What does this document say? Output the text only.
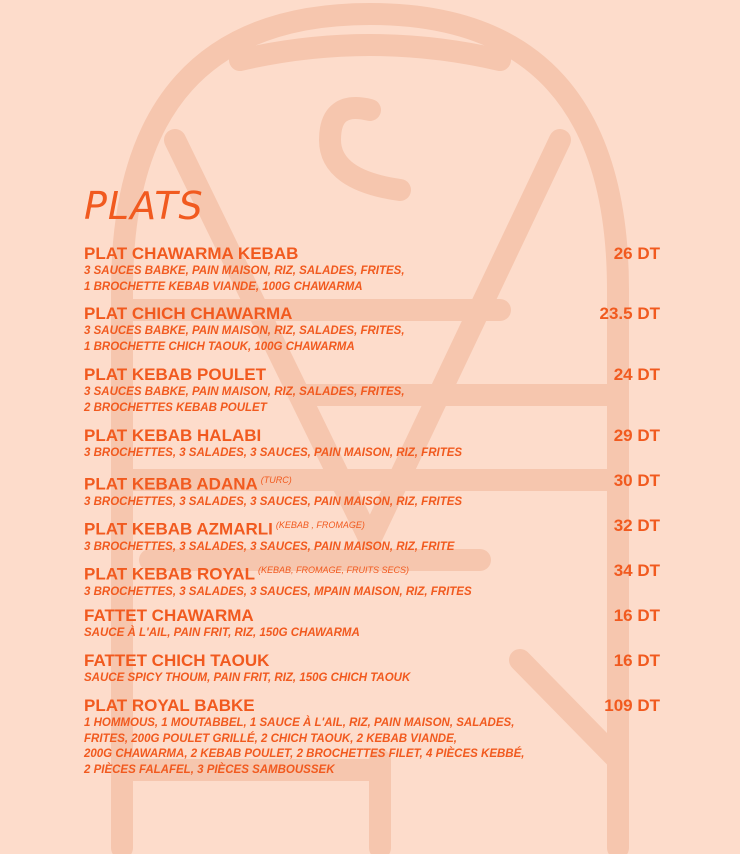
PLATS
PLAT CHAWARMA KEBAB	26 DT
3 SAUCES BABKE, PAIN MAISON, RIZ, SALADES, FRITES,
1 BROCHETTE KEBAB VIANDE, 100G CHAWARMA
PLAT CHICH CHAWARMA	23.5 DT
3 SAUCES BABKE, PAIN MAISON, RIZ, SALADES, FRITES,
1 BROCHETTE CHICH TAOUK, 100G CHAWARMA
PLAT KEBAB POULET	24 DT
3 SAUCES BABKE, PAIN MAISON, RIZ, SALADES, FRITES,
2 BROCHETTES KEBAB POULET
PLAT KEBAB HALABI	29 DT
3 BROCHETTES, 3 SALADES, 3 SAUCES, PAIN MAISON, RIZ, FRITES
PLAT KEBAB ADANA $^{(TURC)}$	30 DT
3 BROCHETTES, 3 SALADES, 3 SAUCES, PAIN MAISON, RIZ, FRITES
PLAT KEBAB AZMARLI $^{(KEBAB , FROMAGE)}$	32 DT
3 BROCHETTES, 3 SALADES, 3 SAUCES, PAIN MAISON, RIZ, FRITE
PLAT KEBAB ROYAL $^{(KEBAB, FROMAGE, FRUITS SECS)}$	34 DT
3 BROCHETTES, 3 SALADES, 3 SAUCES, MPAIN MAISON, RIZ, FRITES
FATTET CHAWARMA	16 DT
SAUCE À L'AIL, PAIN FRIT, RIZ, 150G CHAWARMA
FATTET CHICH TAOUK	16 DT
SAUCE SPICY THOUM, PAIN FRIT, RIZ, 150G CHICH TAOUK
PLAT ROYAL BABKE	109 DT
1 HOMMOUS, 1 MOUTABBEL, 1 SAUCE À L'AIL, RIZ, PAIN MAISON, SALADES,
FRITES, 200G POULET GRILLÉ, 2 CHICH TAOUK, 2 KEBAB VIANDE,
200G CHAWARMA, 2 KEBAB POULET, 2 BROCHETTES FILET, 4 PIÈCES KEBBÉ,
2 PIÈCES FALAFEL, 3 PIÈCES SAMBOUSSEK
